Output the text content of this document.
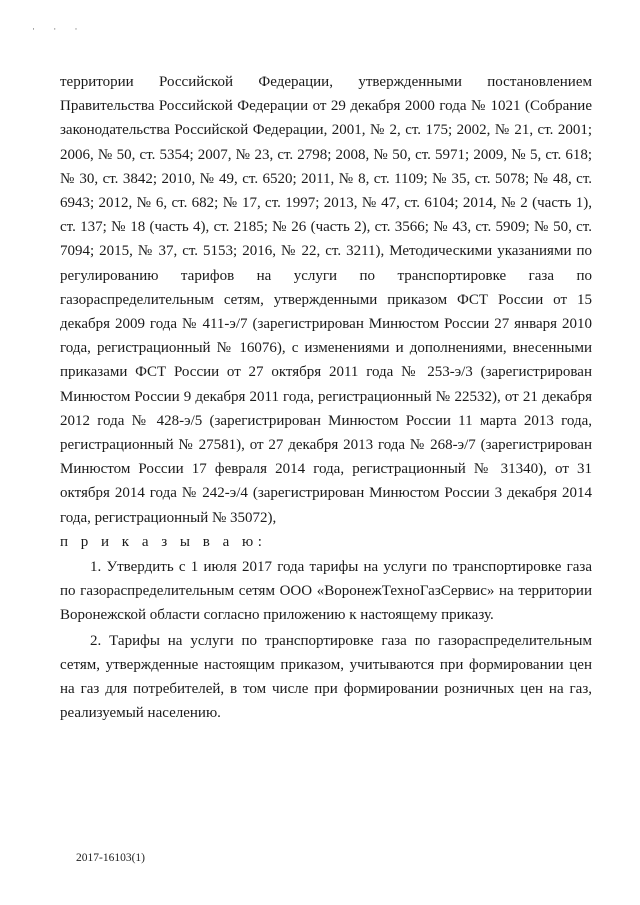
· · ·

территории Российской Федерации, утвержденными постановлением Правительства Российской Федерации от 29 декабря 2000 года № 1021 (Собрание законодательства Российской Федерации, 2001, № 2, ст. 175; 2002, № 21, ст. 2001; 2006, № 50, ст. 5354; 2007, № 23, ст. 2798; 2008, № 50, ст. 5971; 2009, № 5, ст. 618; № 30, ст. 3842; 2010, № 49, ст. 6520; 2011, № 8, ст. 1109; № 35, ст. 5078; № 48, ст. 6943; 2012, № 6, ст. 682; № 17, ст. 1997; 2013, № 47, ст. 6104; 2014, № 2 (часть 1), ст. 137; № 18 (часть 4), ст. 2185; № 26 (часть 2), ст. 3566; № 43, ст. 5909; № 50, ст. 7094; 2015, № 37, ст. 5153; 2016, № 22, ст. 3211), Методическими указаниями по регулированию тарифов на услуги по транспортировке газа по газораспределительным сетям, утвержденными приказом ФСТ России от 15 декабря 2009 года № 411-э/7 (зарегистрирован Минюстом России 27 января 2010 года, регистрационный № 16076), с изменениями и дополнениями, внесенными приказами ФСТ России от 27 октября 2011 года № 253-э/3 (зарегистрирован Минюстом России 9 декабря 2011 года, регистрационный № 22532), от 21 декабря 2012 года № 428-э/5 (зарегистрирован Минюстом России 11 марта 2013 года, регистрационный № 27581), от 27 декабря 2013 года № 268-э/7 (зарегистрирован Минюстом России 17 февраля 2014 года, регистрационный № 31340), от 31 октября 2014 года № 242-э/4 (зарегистрирован Минюстом России 3 декабря 2014 года, регистрационный № 35072),

п р и к а з ы в а ю:

1. Утвердить с 1 июля 2017 года тарифы на услуги по транспортировке газа по газораспределительным сетям ООО «ВоронежТехноГазСервис» на территории Воронежской области согласно приложению к настоящему приказу.

2. Тарифы на услуги по транспортировке газа по газораспределительным сетям, утвержденные настоящим приказом, учитываются при формировании цен на газ для потребителей, в том числе при формировании розничных цен на газ, реализуемый населению.

2017-16103(1)
